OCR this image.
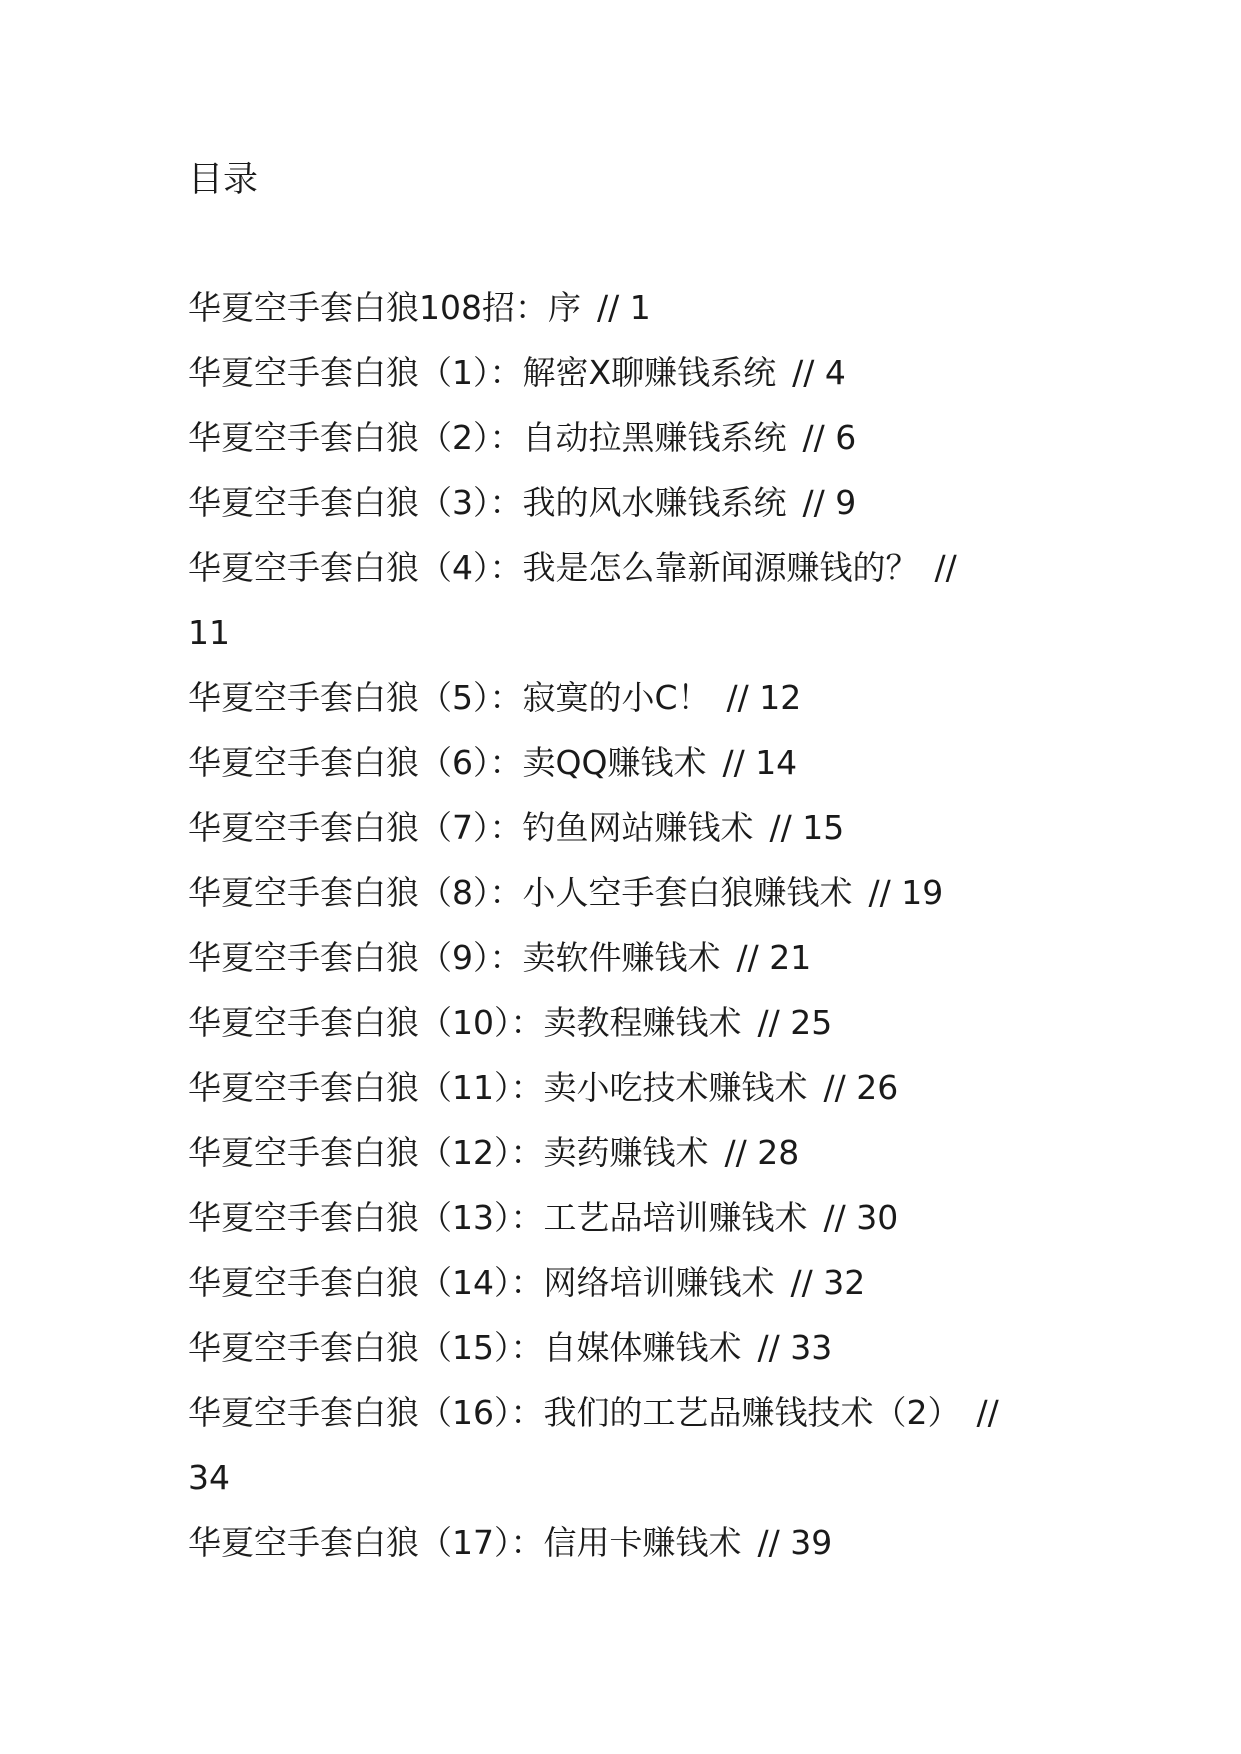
目录
华夏空手套白狼108招：序 // 1
华夏空手套白狼（1）：解密X聊赚钱系统 // 4
华夏空手套白狼（2）：自动拉黑赚钱系统 // 6
华夏空手套白狼（3）：我的风水赚钱系统 // 9
华夏空手套白狼（4）：我是怎么靠新闻源赚钱的？ //
11
华夏空手套白狼（5）：寂寞的小C！ // 12
华夏空手套白狼（6）：卖QQ赚钱术 // 14
华夏空手套白狼（7）：钓鱼网站赚钱术 // 15
华夏空手套白狼（8）：小人空手套白狼赚钱术 // 19
华夏空手套白狼（9）：卖软件赚钱术 // 21
华夏空手套白狼（10）：卖教程赚钱术 // 25
华夏空手套白狼（11）：卖小吃技术赚钱术 // 26
华夏空手套白狼（12）：卖药赚钱术 // 28
华夏空手套白狼（13）：工艺品培训赚钱术 // 30
华夏空手套白狼（14）：网络培训赚钱术 // 32
华夏空手套白狼（15）：自媒体赚钱术 // 33
华夏空手套白狼（16）：我们的工艺品赚钱技术（2） //
34
华夏空手套白狼（17）：信用卡赚钱术 // 39
